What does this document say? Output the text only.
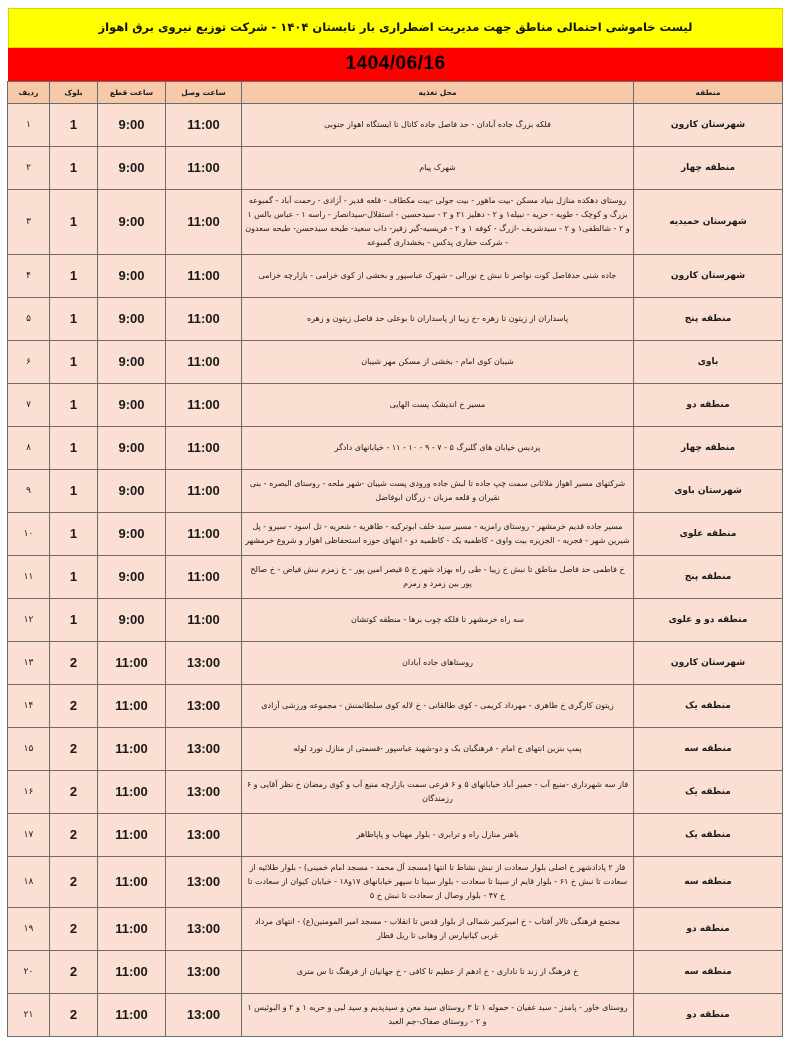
لیست خاموشی احتمالی مناطق جهت مدیریت اضطراری بار تابستان ۱۴۰۴ - شرکت توزیع نیروی برق اهواز
1404/06/16
منطقه	محل تغذیه	ساعت وصل	ساعت قطع	بلوک	ردیف
شهرستان کارون	فلکه بزرگ جاده آبادان - حد فاصل جاده کانال تا ایستگاه اهواز جنوبی	11:00	9:00	1	۱
منطقه چهار	شهرک پیام	11:00	9:00	1	۲
شهرستان حمیدیه	روستای دهکده منازل بنیاد مسکن -بیت ماهور - بیت جولی -بیت مکطاف - قلعه قدیر - آزادی - رحمت آباد - گمبوعه بزرگ و کوچک - طویه - حزیه - نبیله۱ و ۲ - دهلیز ۲۱ و ۲ - سیدحسین - استقلال-سیدانصار - راسه ۱ - عباس بالس ۱ و ۲ - شالطفی۱ و ۲ - سیدشریف -ازرگ - کوفه ۱ و ۲ - فریسیه-گیر زفیر- داب سعید- طیحه سیدحسن- طیحه سعدون - شرکت حفاری پدکس - بخشداری گمبوعه	11:00	9:00	1	۳
شهرستان کارون	جاده شنی حدفاصل کوت نواصر تا نبش خ نورالی - شهرک عباسپور و بخشی از کوی خزامی - بازارچه خزامی	11:00	9:00	1	۴
منطقه پنج	پاسداران از زیتون تا زهره -خ زیبا از پاسداران تا بوعلی حد فاصل زیتون و زهره	11:00	9:00	1	۵
باوی	شیبان کوی امام - بخشی از مسکن مهر شیبان	11:00	9:00	1	۶
منطقه دو	مسیر خ اندیشک پست الهایی	11:00	9:00	1	۷
منطقه چهار	پردیس خیابان های گلبرگ ۵ - ۷ - ۹ - ۱۰ - ۱۱ - خیابانهای دادگر	11:00	9:00	1	۸
شهرستان باوی	شرکتهای مسیر اهواز ملاثانی سمت چپ جاده تا لبش جاده ورودی پست شیبان -شهر ملحه - روستای البصره - بنی نقیران و قلعه مزبان - زرگان ابوفاضل	11:00	9:00	1	۹
منطقه علوی	مسیر جاده قدیم خرمشهر - روستای رامزیه - مسیر سید خلف ابوترکیه - طاهریه - شعریه - تل اسود - سیرو - پل شیرین شهر - فجریه - الجزیره بیت واوی - کاظمیه یک - کاظمیه دو - انتهای حوزه استحفاظی اهواز و شروع خرمشهر	11:00	9:00	1	۱۰
منطقه پنج	خ فاطمی حد فاصل مناطق تا نبش خ زیبا - طی راه بهزاد شهر خ ۵ قیصر امین پور - خ زمزم نبش فیاض - خ صالح پور بین زمرد و زمزم	11:00	9:00	1	۱۱
منطقه دو و علوی	سه راه خرمشهر تا فلکه چوب برها - منطقه کوتشان	11:00	9:00	1	۱۲
شهرستان کارون	روستاهای جاده آبادان	13:00	11:00	2	۱۳
منطقه یک	زیتون کارگری خ طاهری - مهرداد کریمی - کوی طالقانی - خ لاله کوی سلطانمنش - مجموعه ورزشی آزادی	13:00	11:00	2	۱۴
منطقه سه	پمپ بنزین انتهای خ امام - فرهنگیان یک و دو-شهید عباسپور -قسمتی از منازل نورد لوله	13:00	11:00	2	۱۵
منطقه یک	فاز سه شهرداری -منبع آب - حمیر آباد خیابانهای ۵ و ۶ فرعی سمت بازارچه منبع آب و کوی رمضان خ نظر آقایی و ۶ رزمندگان	13:00	11:00	2	۱۶
منطقه یک	باهنر منازل راه و ترابری - بلوار مهتاب و پاپاطاهر	13:00	11:00	2	۱۷
منطقه سه	فاز ۲ پادادشهر خ اصلی بلوار سعادت از نبش نشاط تا انتها (مسجد آل محمد - مسجد امام خمینی) - بلوار طلائیه از سعادت تا نبش خ ۶۱ - بلوار قایم از سینا تا سعادت - بلوار سینا تا سپهر خیابانهای ۱۷و۱۸ - خیابان کیوان از سعادت تا خ ۴۷ - بلوار وصال از سعادت تا نبش خ ۵	13:00	11:00	2	۱۸
منطقه دو	مجتمع فرهنگی تالار آفتاب - خ امیرکبیر شمالی از بلوار قدس تا انقلاب - مسجد امیر المومنین(ع) - انتهای مرداد غربی کیانپارس از وهابی تا ریل قطار	13:00	11:00	2	۱۹
منطقه سه	خ فرهنگ از زند تا ناداری - خ ادهم از عظیم تا کافی - خ جهانیان از فرهنگ تا س متری	13:00	11:00	2	۲۰
منطقه دو	روستای خاور - پامدز - سید غفیان - حموله ۱ تا ۳ روستای سید معن و سیدپدیم و سید لبی و حریه ۱ و ۲ و البوئیس ۱ و ۲ - روستای صفاک-جم العبد	13:00	11:00	2	۲۱
